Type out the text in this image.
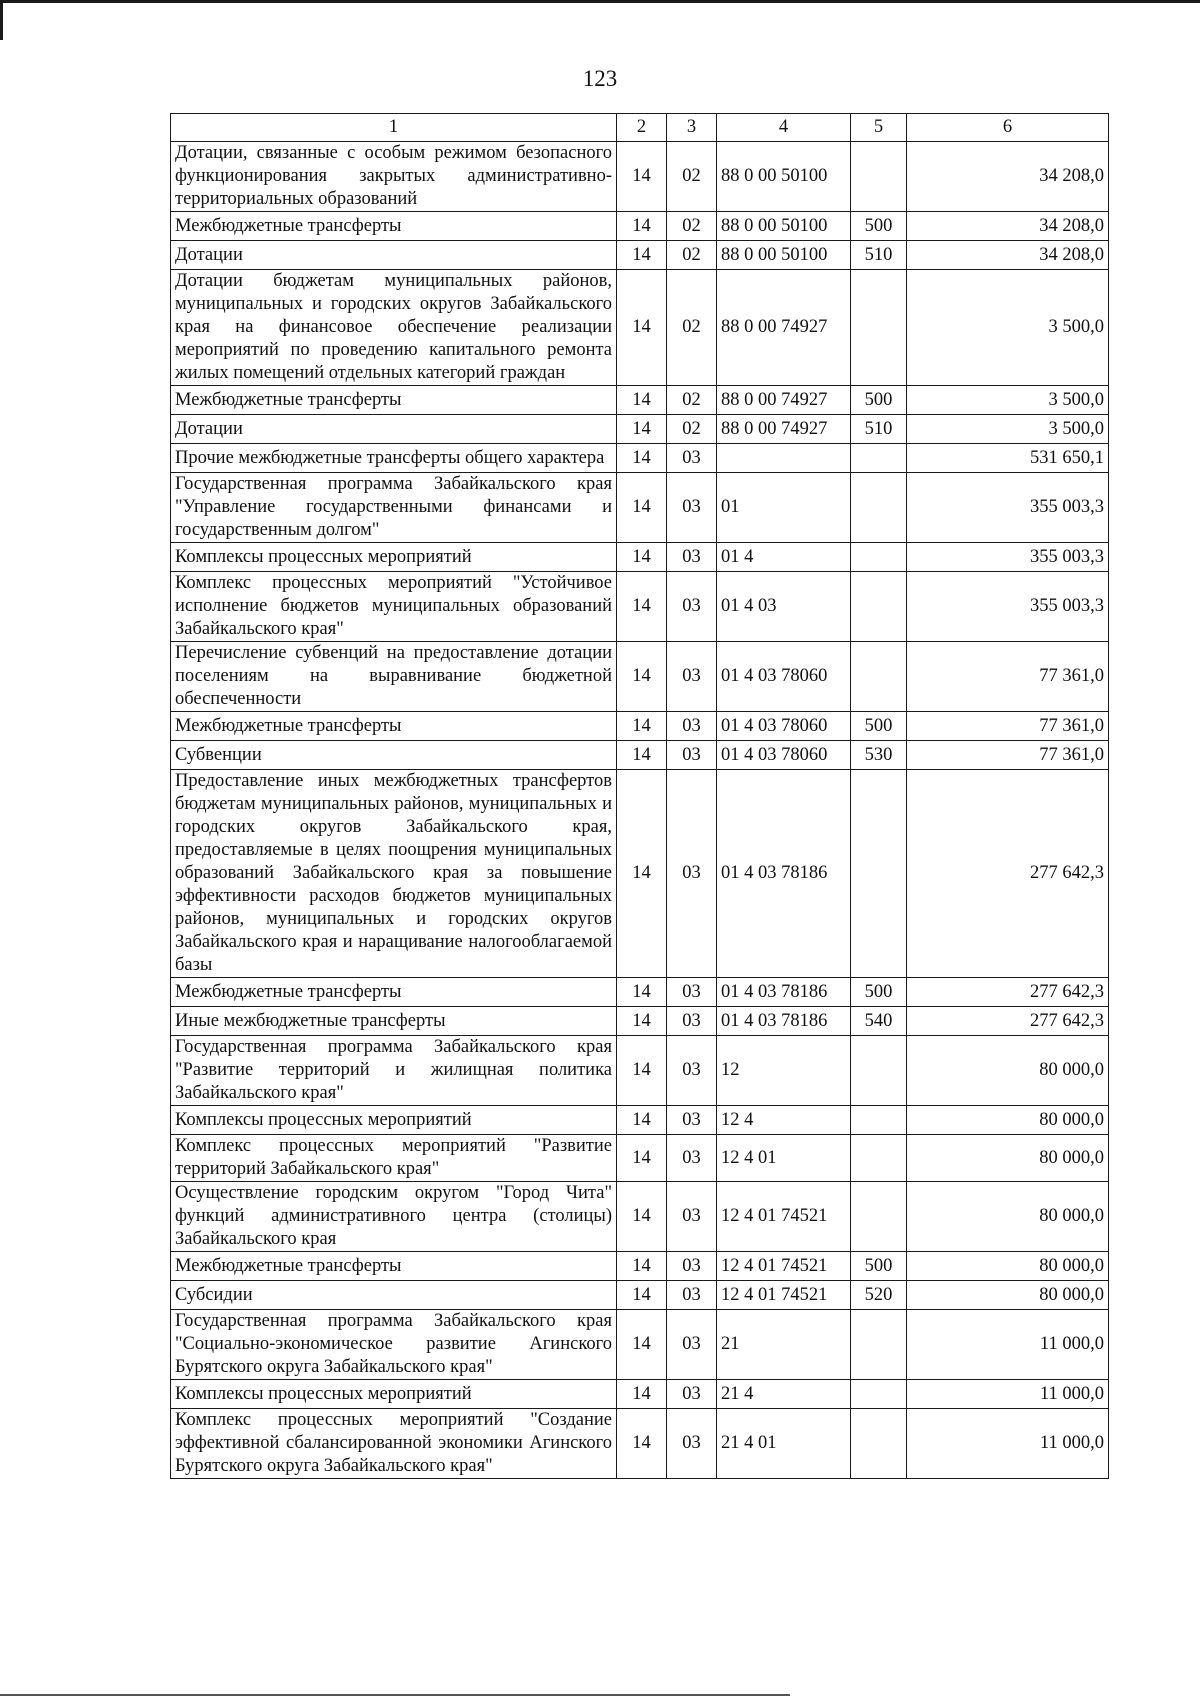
123
1	2	3	4	5	6
Дотации, связанные с особым режимом безопасного функционирования закрытых административно-территориальных образований	14	02	88 0 00 50100		34 208,0
Межбюджетные трансферты	14	02	88 0 00 50100	500	34 208,0
Дотации	14	02	88 0 00 50100	510	34 208,0
Дотации бюджетам муниципальных районов, муниципальных и городских округов Забайкальского края на финансовое обеспечение реализации мероприятий по проведению капитального ремонта жилых помещений отдельных категорий граждан	14	02	88 0 00 74927		3 500,0
Межбюджетные трансферты	14	02	88 0 00 74927	500	3 500,0
Дотации	14	02	88 0 00 74927	510	3 500,0
Прочие межбюджетные трансферты общего характера	14	03			531 650,1
Государственная программа Забайкальского края "Управление государственными финансами и государственным долгом"	14	03	01		355 003,3
Комплексы процессных мероприятий	14	03	01 4		355 003,3
Комплекс процессных мероприятий "Устойчивое исполнение бюджетов муниципальных образований Забайкальского края"	14	03	01 4 03		355 003,3
Перечисление субвенций на предоставление дотации поселениям на выравнивание бюджетной обеспеченности	14	03	01 4 03 78060		77 361,0
Межбюджетные трансферты	14	03	01 4 03 78060	500	77 361,0
Субвенции	14	03	01 4 03 78060	530	77 361,0
Предоставление иных межбюджетных трансфертов бюджетам муниципальных районов, муниципальных и городских округов Забайкальского края, предоставляемые в целях поощрения муниципальных образований Забайкальского края за повышение эффективности расходов бюджетов муниципальных районов, муниципальных и городских округов Забайкальского края и наращивание налогооблагаемой базы	14	03	01 4 03 78186		277 642,3
Межбюджетные трансферты	14	03	01 4 03 78186	500	277 642,3
Иные межбюджетные трансферты	14	03	01 4 03 78186	540	277 642,3
Государственная программа Забайкальского края "Развитие территорий и жилищная политика Забайкальского края"	14	03	12		80 000,0
Комплексы процессных мероприятий	14	03	12 4		80 000,0
Комплекс процессных мероприятий "Развитие территорий Забайкальского края"	14	03	12 4 01		80 000,0
Осуществление городским округом "Город Чита" функций административного центра (столицы) Забайкальского края	14	03	12 4 01 74521		80 000,0
Межбюджетные трансферты	14	03	12 4 01 74521	500	80 000,0
Субсидии	14	03	12 4 01 74521	520	80 000,0
Государственная программа Забайкальского края "Социально-экономическое развитие Агинского Бурятского округа Забайкальского края"	14	03	21		11 000,0
Комплексы процессных мероприятий	14	03	21 4		11 000,0
Комплекс процессных мероприятий "Создание эффективной сбалансированной экономики Агинского Бурятского округа Забайкальского края"	14	03	21 4 01		11 000,0
